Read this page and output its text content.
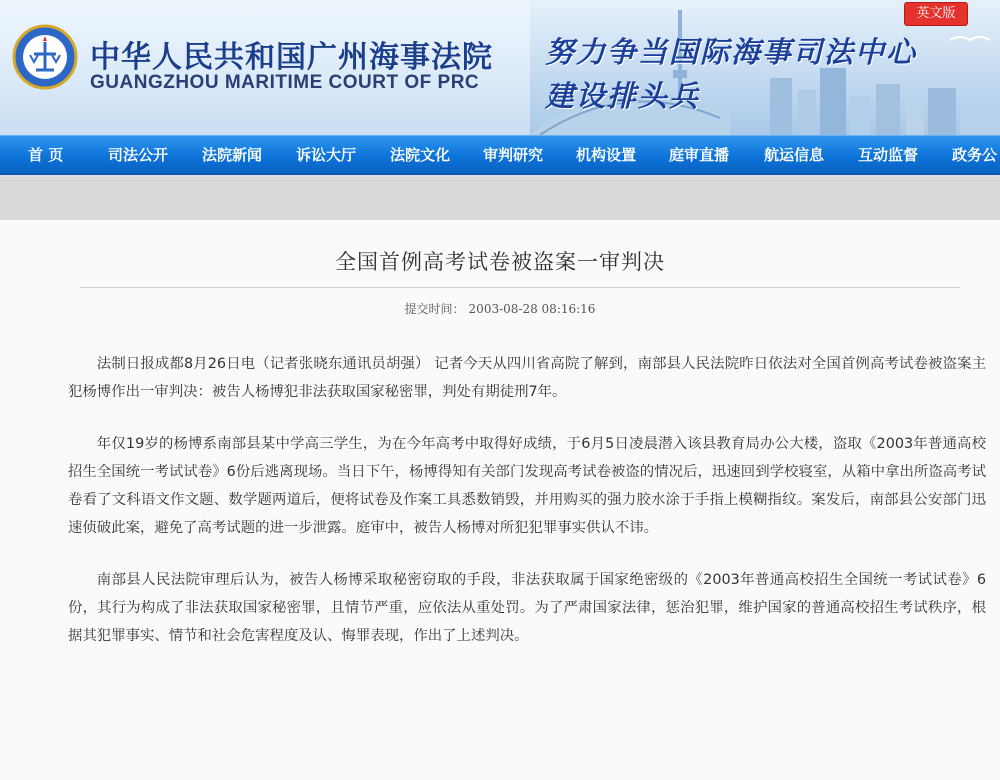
中华人民共和国广州海事法院
GUANGZHOU MARITIME COURT OF PRC
努力争当国际海事司法中心
建设排头兵
英文版
首 页	司法公开 法院新闻 诉讼大厅 法院文化 审判研究 机构设置 庭审直播 航运信息 互动监督 政务公
全国首例高考试卷被盗案一审判决
提交时间： 2003-08-28 08:16:16

法制日报成都8月26日电（记者张晓东通讯员胡强） 记者今天从四川省高院了解到，南部县人民法院昨日依法对全国首例高考试卷被盗案主犯杨博作出一审判决：被告人杨博犯非法获取国家秘密罪，判处有期徒刑7年。

年仅19岁的杨博系南部县某中学高三学生，为在今年高考中取得好成绩，于6月5日凌晨潜入该县教育局办公大楼，盗取《2003年普通高校招生全国统一考试试卷》6份后逃离现场。当日下午，杨博得知有关部门发现高考试卷被盗的情况后，迅速回到学校寝室，从箱中拿出所盗高考试卷看了文科语文作文题、数学题两道后，便将试卷及作案工具悉数销毁，并用购买的强力胶水涂于手指上模糊指纹。案发后，南部县公安部门迅速侦破此案，避免了高考试题的进一步泄露。庭审中，被告人杨博对所犯犯罪事实供认不讳。

南部县人民法院审理后认为，被告人杨博采取秘密窃取的手段，非法获取属于国家绝密级的《2003年普通高校招生全国统一考试试卷》6份，其行为构成了非法获取国家秘密罪，且情节严重，应依法从重处罚。为了严肃国家法律，惩治犯罪，维护国家的普通高校招生考试秩序，根据其犯罪事实、情节和社会危害程度及认、悔罪表现，作出了上述判决。
